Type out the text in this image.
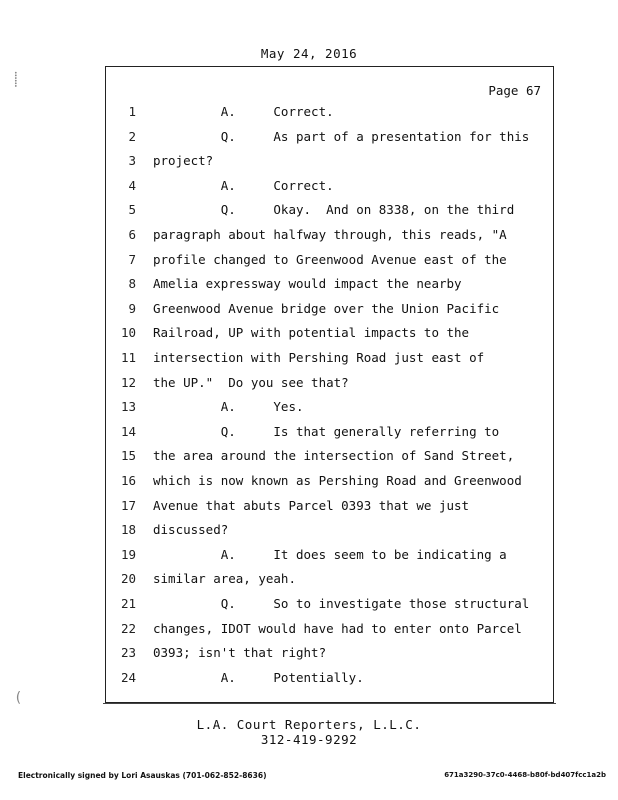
May 24, 2016
⸽
(
Page 67
1 A.     Correct.
2 Q.     As part of a presentation for this
3 project?
4 A.     Correct.
5 Q.     Okay.  And on 8338, on the third
6 paragraph about halfway through, this reads, "A
7 profile changed to Greenwood Avenue east of the
8 Amelia expressway would impact the nearby
9 Greenwood Avenue bridge over the Union Pacific
10 Railroad, UP with potential impacts to the
11 intersection with Pershing Road just east of
12 the UP."  Do you see that?
13 A.     Yes.
14 Q.     Is that generally referring to
15 the area around the intersection of Sand Street,
16 which is now known as Pershing Road and Greenwood
17 Avenue that abuts Parcel 0393 that we just
18 discussed?
19 A.     It does seem to be indicating a
20 similar area, yeah.
21 Q.     So to investigate those structural
22 changes, IDOT would have had to enter onto Parcel
23 0393; isn't that right?
24 A.     Potentially.
L.A. Court Reporters, L.L.C.
312-419-9292
Electronically signed by Lori Asauskas (701-062-852-8636)	671a3290-37c0-4468-b80f-bd407fcc1a2b
